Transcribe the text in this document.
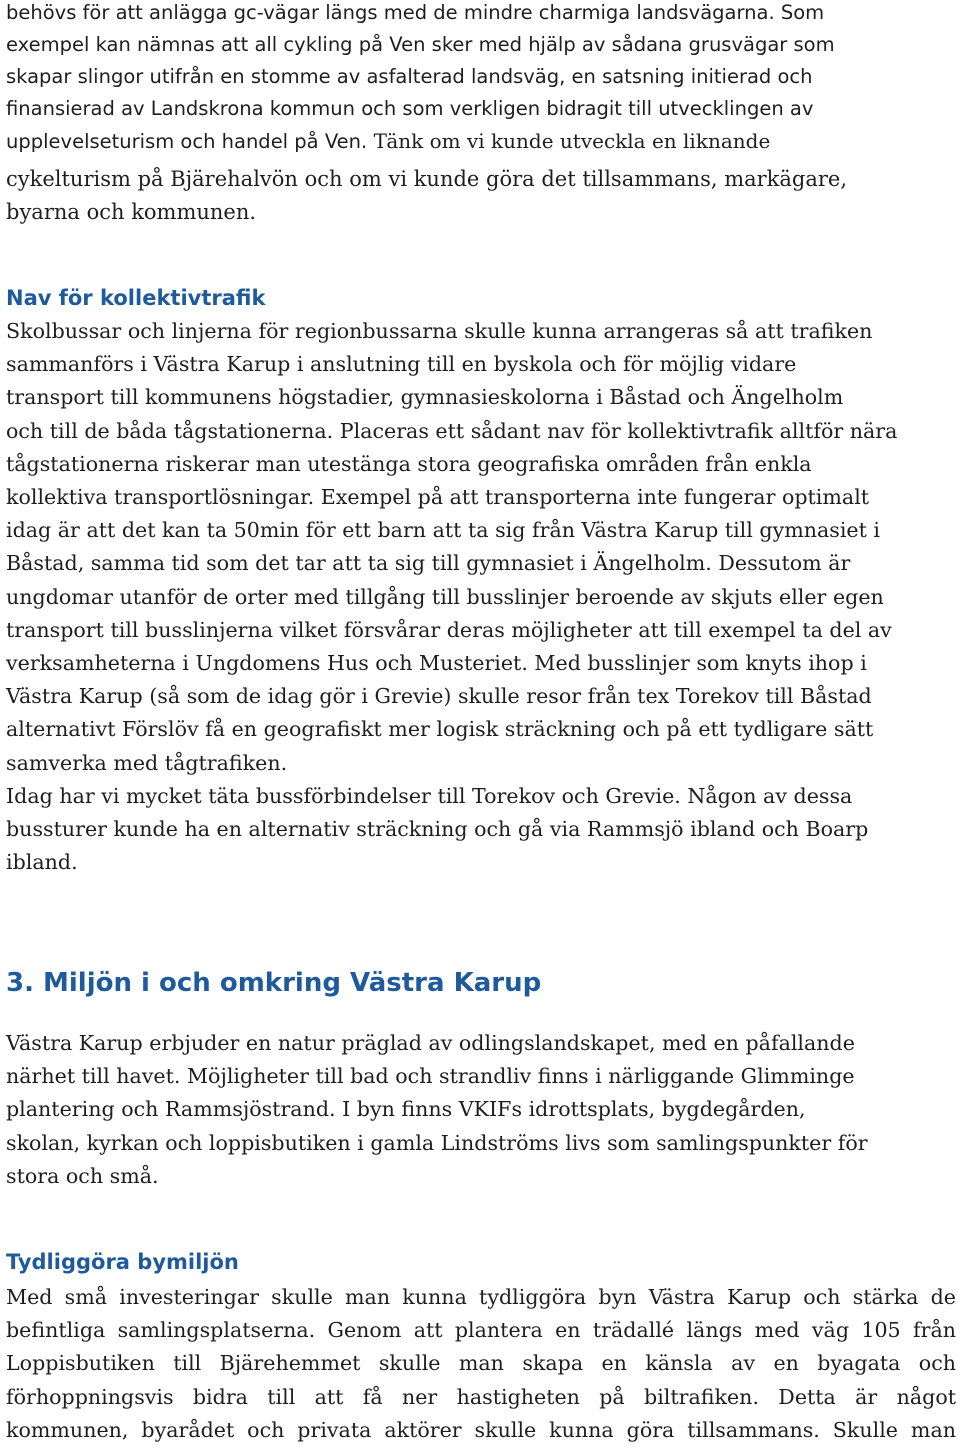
behövs för att anlägga gc-vägar längs med de mindre charmiga landsvägarna. Som
exempel kan nämnas att all cykling på Ven sker med hjälp av sådana grusvägar som
skapar slingor utifrån en stomme av asfalterad landsväg, en satsning initierad och
finansierad av Landskrona kommun och som verkligen bidragit till utvecklingen av
upplevelseturism och handel på Ven. Tänk om vi kunde utveckla en liknande
cykelturism på Bjärehalvön och om vi kunde göra det tillsammans, markägare,
byarna och kommunen.
Nav för kollektivtrafik
Skolbussar och linjerna för regionbussarna skulle kunna arrangeras så att trafiken
sammanförs i Västra Karup i anslutning till en byskola och för möjlig vidare
transport till kommunens högstadier, gymnasieskolorna i Båstad och Ängelholm
och till de båda tågstationerna. Placeras ett sådant nav för kollektivtrafik alltför nära
tågstationerna riskerar man utestänga stora geografiska områden från enkla
kollektiva transportlösningar. Exempel på att transporterna inte fungerar optimalt
idag är att det kan ta 50min för ett barn att ta sig från Västra Karup till gymnasiet i
Båstad, samma tid som det tar att ta sig till gymnasiet i Ängelholm. Dessutom är
ungdomar utanför de orter med tillgång till busslinjer beroende av skjuts eller egen
transport till busslinjerna vilket försvårar deras möjligheter att till exempel ta del av
verksamheterna i Ungdomens Hus och Musteriet. Med busslinjer som knyts ihop i
Västra Karup (så som de idag gör i Grevie) skulle resor från tex Torekov till Båstad
alternativt Förslöv få en geografiskt mer logisk sträckning och på ett tydligare sätt
samverka med tågtrafiken.
Idag har vi mycket täta bussförbindelser till Torekov och Grevie. Någon av dessa
bussturer kunde ha en alternativ sträckning och gå via Rammsjö ibland och Boarp
ibland.
3. Miljön i och omkring Västra Karup
Västra Karup erbjuder en natur präglad av odlingslandskapet, med en påfallande
närhet till havet. Möjligheter till bad och strandliv finns i närliggande Glimminge
plantering och Rammsjöstrand. I byn finns VKIFs idrottsplats, bygdegården,
skolan, kyrkan och loppisbutiken i gamla Lindströms livs som samlingspunkter för
stora och små.
Tydliggöra bymiljön
Med små investeringar skulle man kunna tydliggöra byn Västra Karup och stärka de
befintliga samlingsplatserna. Genom att plantera en trädallé längs med väg 105 från
Loppisbutiken till Bjärehemmet skulle man skapa en känsla av en byagata och
förhoppningsvis bidra till att få ner hastigheten på biltrafiken. Detta är något
kommunen, byarådet och privata aktörer skulle kunna göra tillsammans. Skulle man
